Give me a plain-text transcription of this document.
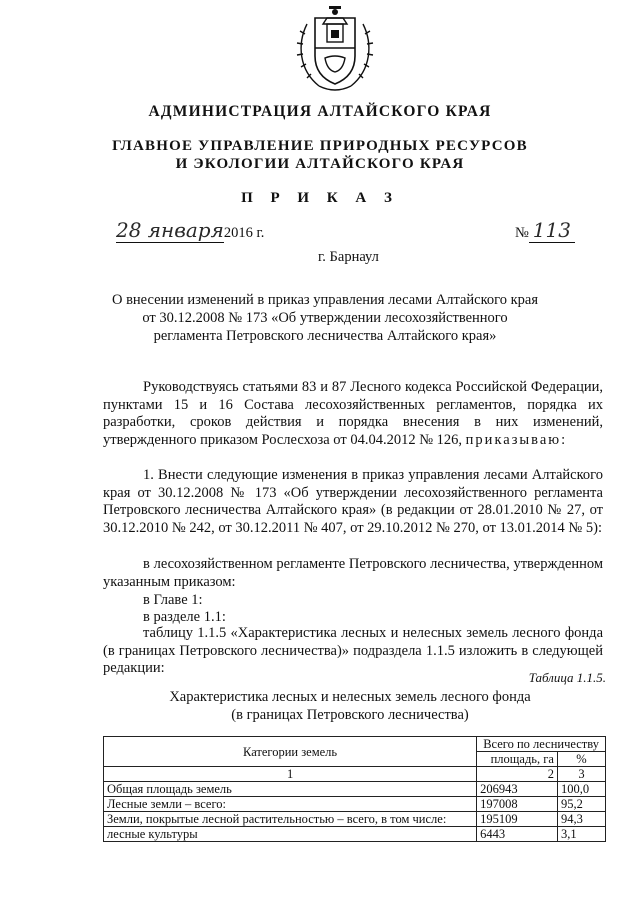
АДМИНИСТРАЦИЯ АЛТАЙСКОГО КРАЯ
ГЛАВНОЕ УПРАВЛЕНИЕ ПРИРОДНЫХ РЕСУРСОВ
И ЭКОЛОГИИ АЛТАЙСКОГО КРАЯ
П Р И К А З
28 января2016 г.	№ 113
г. Барнаул
О внесении изменений в приказ управления лесами Алтайского края
от 30.12.2008 № 173 «Об утверждении лесохозяйственного
регламента Петровского лесничества Алтайского края»
Руководствуясь статьями 83 и 87 Лесного кодекса Российской Федерации, пунктами 15 и 16 Состава лесохозяйственных регламентов, порядка их разработки, сроков действия и порядка внесения в них изменений, утвержденного приказом Рослесхоза от 04.04.2012 № 126, приказываю:
1. Внести следующие изменения в приказ управления лесами Алтайского края от 30.12.2008 № 173 «Об утверждении лесохозяйственного регламента Петровского лесничества Алтайского края» (в редакции от 28.01.2010 № 27, от 30.12.2010 № 242, от 30.12.2011 № 407, от 29.10.2012 № 270, от 13.01.2014 № 5):
в лесохозяйственном регламенте Петровского лесничества, утвержденном указанным приказом:
в Главе 1:
в разделе 1.1:
таблицу 1.1.5 «Характеристика лесных и нелесных земель лесного фонда (в границах Петровского лесничества)» подраздела 1.1.5 изложить в следующей редакции:
Таблица 1.1.5.
Характеристика лесных и нелесных земель лесного фонда
(в границах Петровского лесничества)
Категории земель	Всего по лесничеству	
	площадь, га	%
1	2	3
Общая площадь земель	206943	100,0
Лесные земли – всего:	197008	95,2
Земли, покрытые лесной растительностью – всего, в том числе:	195109	94,3
лесные культуры	6443	3,1
